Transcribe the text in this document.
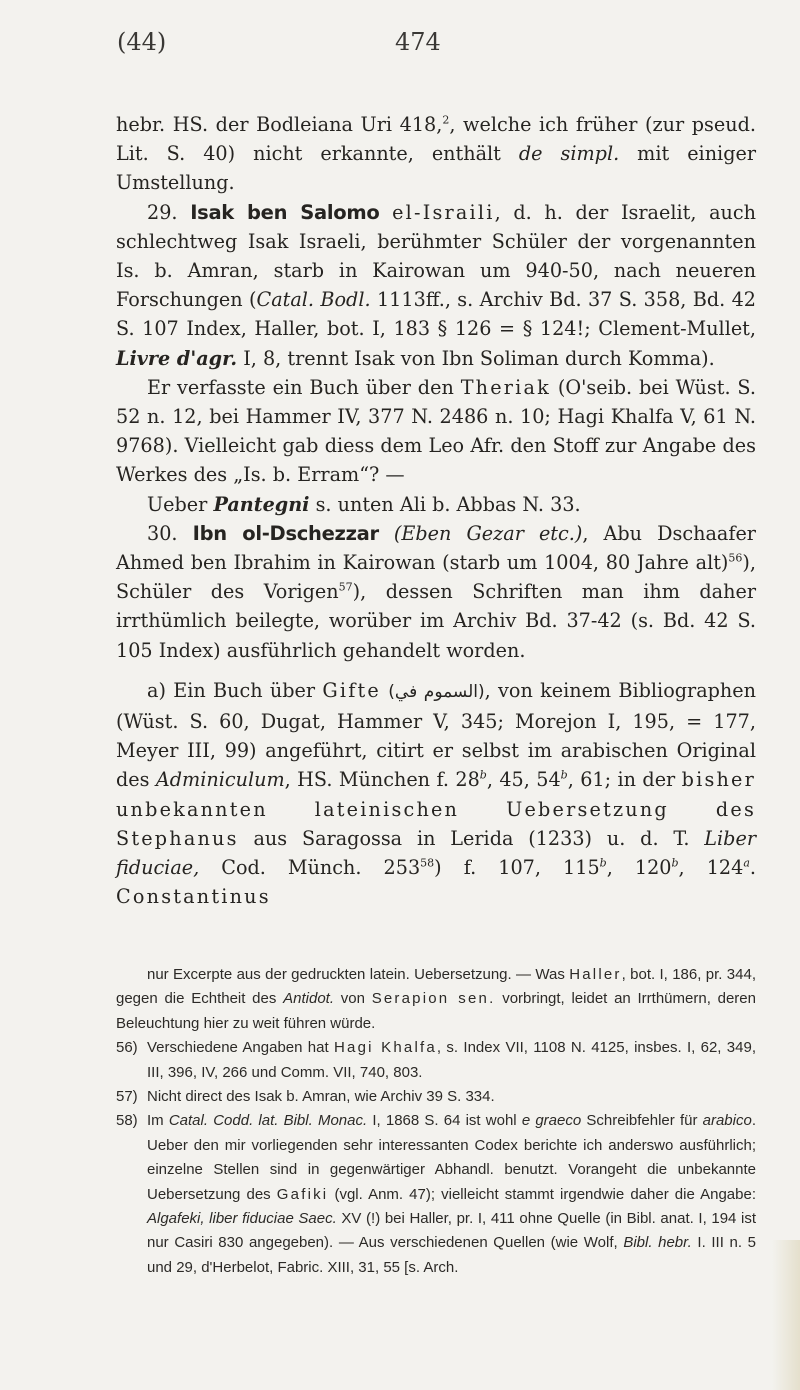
(44)	474

hebr. HS. der Bodleiana Uri 418,$^2$, welche ich früher (zur pseud. Lit. S. 40) nicht erkannte, enthält de simpl. mit einiger Umstellung.

29. Isak ben Salomo el-Israili, d. h. der Israelit, auch schlechtweg Isak Israeli, berühmter Schüler der vorgenannten Is. b. Amran, starb in Kairowan um 940-50, nach neueren Forschungen (Catal. Bodl. 1113ff., s. Archiv Bd. 37 S. 358, Bd. 42 S. 107 Index, Haller, bot. I, 183 § 126 = § 124!; Clement-Mullet, Livre d'agr. I, 8, trennt Isak von Ibn Soliman durch Komma).

Er verfasste ein Buch über den Theriak (O'seib. bei Wüst. S. 52 n. 12, bei Hammer IV, 377 N. 2486 n. 10; Hagi Khalfa V, 61 N. 9768). Vielleicht gab diess dem Leo Afr. den Stoff zur Angabe des Werkes des „Is. b. Erram“? —

Ueber Pantegni s. unten Ali b. Abbas N. 33.

30. Ibn ol-Dschezzar (Eben Gezar etc.), Abu Dschaafer Ahmed ben Ibrahim in Kairowan (starb um 1004, 80 Jahre alt)$^{56}$), Schüler des Vorigen$^{57}$), dessen Schriften man ihm daher irrthümlich beilegte, worüber im Archiv Bd. 37-42 (s. Bd. 42 S. 105 Index) ausführlich gehandelt worden.

a) Ein Buch über Gifte (السموم في), von keinem Bibliographen (Wüst. S. 60, Dugat, Hammer V, 345; Morejon I, 195, = 177, Meyer III, 99) angeführt, citirt er selbst im arabischen Original des Adminiculum, HS. München f. 28$^b$, 45, 54$^b$, 61; in der bisher unbekannten lateinischen Uebersetzung des Stephanus aus Saragossa in Lerida (1233) u. d. T. Liber fiduciae, Cod. Münch. $253^{58}$) f. 107, 115$^b$, 120$^b$, 124$^a$. Constantinus

nur Excerpte aus der gedruckten latein. Uebersetzung. — Was Haller, bot. I, 186, pr. 344, gegen die Echtheit des Antidot. von Serapion sen. vorbringt, leidet an Irrthümern, deren Beleuchtung hier zu weit führen würde.

56) Verschiedene Angaben hat Hagi Khalfa, s. Index VII, 1108 N. 4125, insbes. I, 62, 349, III, 396, IV, 266 und Comm. VII, 740, 803.

57) Nicht direct des Isak b. Amran, wie Archiv 39 S. 334.

58) Im Catal. Codd. lat. Bibl. Monac. I, 1868 S. 64 ist wohl e graeco Schreibfehler für arabico. Ueber den mir vorliegenden sehr interessanten Codex berichte ich anderswo ausführlich; einzelne Stellen sind in gegenwärtiger Abhandl. benutzt. Vorangeht die unbekannte Uebersetzung des Gafiki (vgl. Anm. 47); vielleicht stammt irgendwie daher die Angabe: Algafeki, liber fiduciae Saec. XV (!) bei Haller, pr. I, 411 ohne Quelle (in Bibl. anat. I, 194 ist nur Casiri 830 angegeben). — Aus verschiedenen Quellen (wie Wolf, Bibl. hebr. I. III n. 5 und 29, d'Herbelot, Fabric. XIII, 31, 55 [s. Arch.
